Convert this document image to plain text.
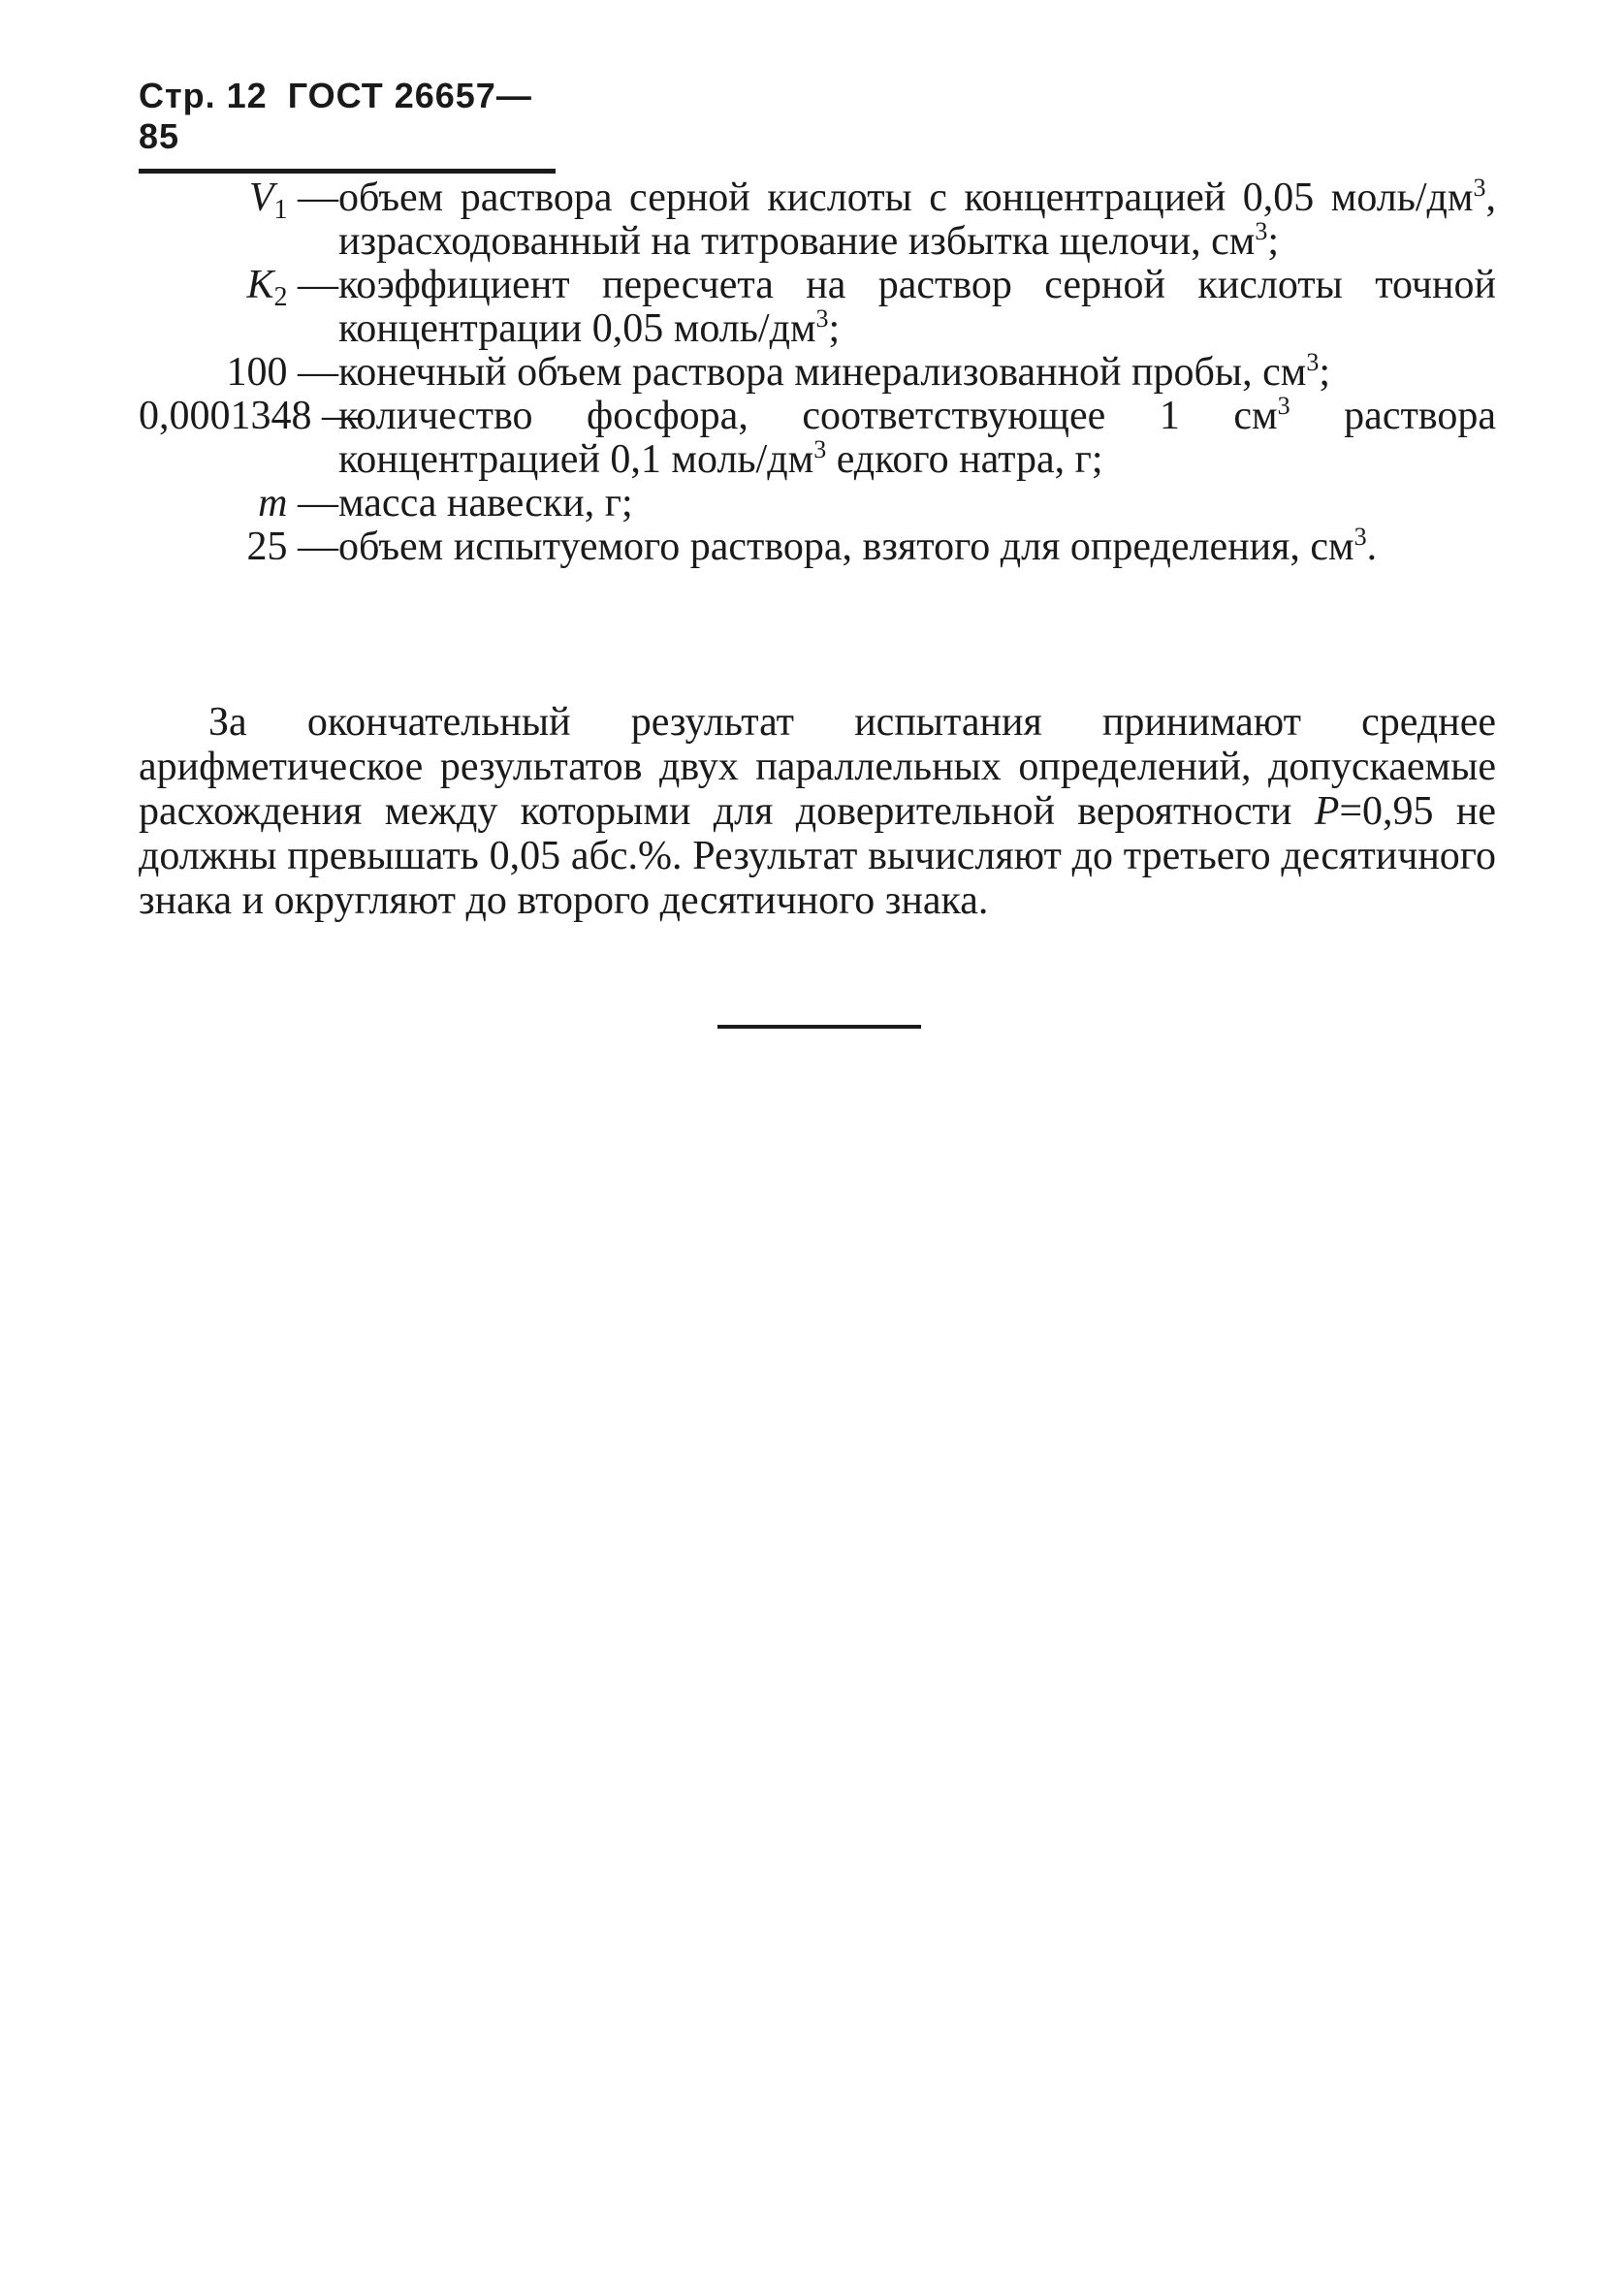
Стр. 12 ГОСТ 26657—85
$V_1$ — объем раствора серной кислоты с концентрацией 0,05 моль/$дм^3$, израсходованный на титрование избытка щелочи, $см^3$;
$K_2$ — коэффициент пересчета на раствор серной кислоты точной концентрации 0,05 моль/$дм^3$;
100 — конечный объем раствора минерализованной пробы, $см^3$;
0,0001348 —
количество фосфора, соответствующее 1 $см^3$ раствора концентрацией 0,1 моль/$дм^3$ едкого натра, г;
m — масса навески, г;
25 — объем испытуемого раствора, взятого для определения, $см^3$.

За окончательный результат испытания принимают среднее арифметическое результатов двух параллельных определений, допускаемые расхождения между которыми для доверительной вероятности P=0,95 не должны превышать 0,05 абс.%. Результат вычисляют до третьего десятичного знака и округляют до второго десятичного знака.
